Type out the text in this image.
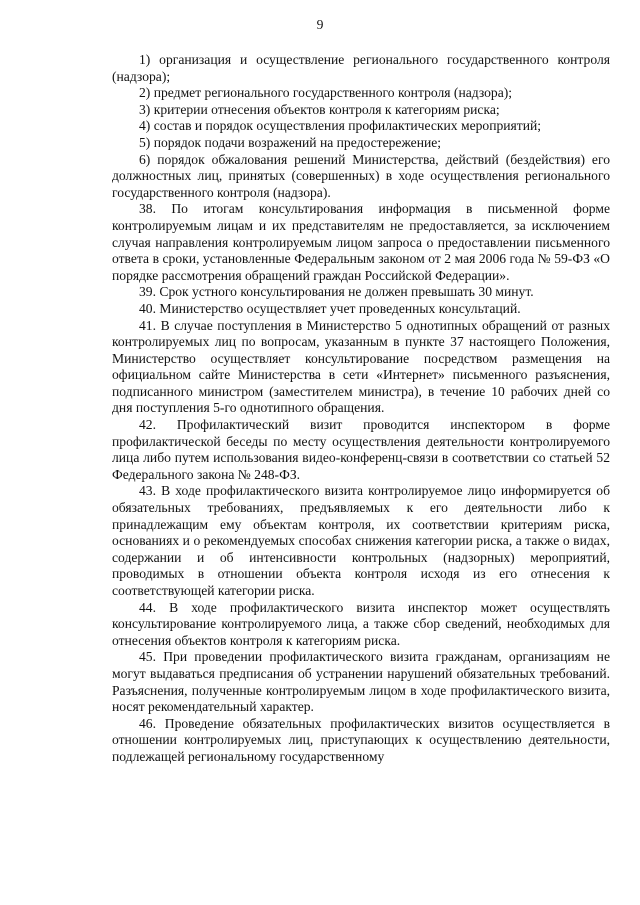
9

1) организация и осуществление регионального государственного контроля (надзора);

2) предмет регионального государственного контроля (надзора);

3) критерии отнесения объектов контроля к категориям риска;

4) состав и порядок осуществления профилактических мероприятий;

5) порядок подачи возражений на предостережение;

6) порядок обжалования решений Министерства, действий (бездействия) его должностных лиц, принятых (совершенных) в ходе осуществления регионального государственного контроля (надзора).

38. По итогам консультирования информация в письменной форме контролируемым лицам и их представителям не предоставляется, за исключением случая направления контролируемым лицом запроса о предоставлении письменного ответа в сроки, установленные Федеральным законом от 2 мая 2006 года № 59-ФЗ «О порядке рассмотрения обращений граждан Российской Федерации».

39. Срок устного консультирования не должен превышать 30 минут.

40. Министерство осуществляет учет проведенных консультаций.

41. В случае поступления в Министерство 5 однотипных обращений от разных контролируемых лиц по вопросам, указанным в пункте 37 настоящего Положения, Министерство осуществляет консультирование посредством размещения на официальном сайте Министерства в сети «Интернет» письменного разъяснения, подписанного министром (заместителем министра), в течение 10 рабочих дней со дня поступления 5-го однотипного обращения.

42. Профилактический визит проводится инспектором в форме профилактической беседы по месту осуществления деятельности контролируемого лица либо путем использования видео-конференц-связи в соответствии со статьей 52 Федерального закона № 248-ФЗ.

43. В ходе профилактического визита контролируемое лицо информируется об обязательных требованиях, предъявляемых к его деятельности либо к принадлежащим ему объектам контроля, их соответствии критериям риска, основаниях и о рекомендуемых способах снижения категории риска, а также о видах, содержании и об интенсивности контрольных (надзорных) мероприятий, проводимых в отношении объекта контроля исходя из его отнесения к соответствующей категории риска.

44. В ходе профилактического визита инспектор может осуществлять консультирование контролируемого лица, а также сбор сведений, необходимых для отнесения объектов контроля к категориям риска.

45. При проведении профилактического визита гражданам, организациям не могут выдаваться предписания об устранении нарушений обязательных требований. Разъяснения, полученные контролируемым лицом в ходе профилактического визита, носят рекомендательный характер.

46. Проведение обязательных профилактических визитов осуществляется в отношении контролируемых лиц, приступающих к осуществлению деятельности, подлежащей региональному государственному
